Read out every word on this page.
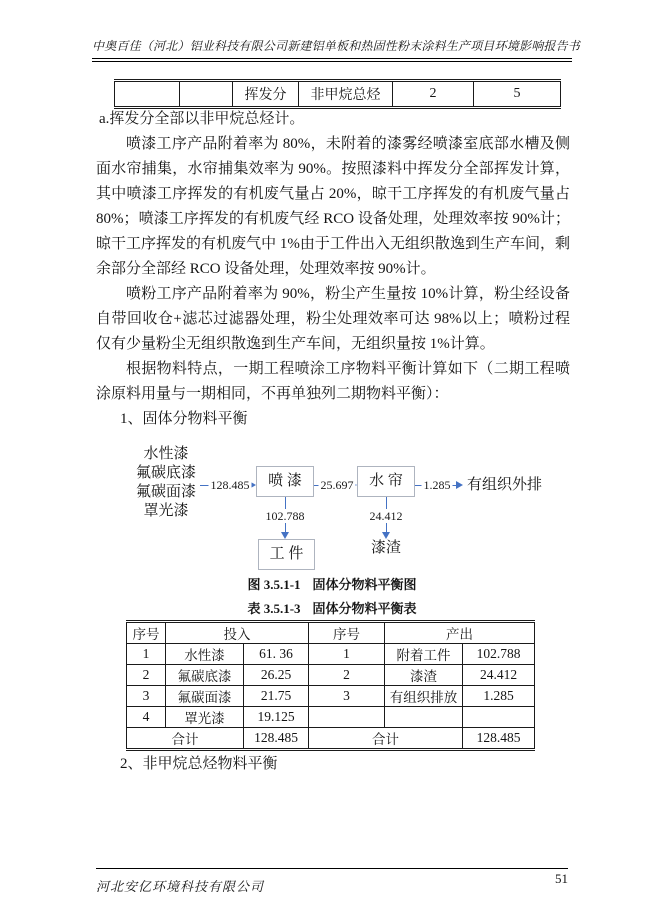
中奥百佳（河北）铝业科技有限公司新建铝单板和热固性粉末涂料生产项目环境影响报告书
		挥发分	非甲烷总烃	2	5

a.挥发分全部以非甲烷总烃计。

喷漆工序产品附着率为 80%，未附着的漆雾经喷漆室底部水槽及侧面水帘捕集，水帘捕集效率为 90%。按照漆料中挥发分全部挥发计算，其中喷漆工序挥发的有机废气量占 20%，晾干工序挥发的有机废气量占 80%；喷漆工序挥发的有机废气经 RCO 设备处理，处理效率按 90%计；晾干工序挥发的有机废气中 1%由于工件出入无组织散逸到生产车间，剩余部分全部经 RCO 设备处理，处理效率按 90%计。

喷粉工序产品附着率为 90%，粉尘产生量按 10%计算，粉尘经设备自带回收仓+滤芯过滤器处理，粉尘处理效率可达 98%以上；喷粉过程仅有少量粉尘无组织散逸到生产车间，无组织量按 1%计算。

根据物料特点，一期工程喷涂工序物料平衡计算如下（二期工程喷涂原料用量与一期相同，不再单独列二期物料平衡）：

1、固体分物料平衡

水性漆
氟碳底漆
氟碳面漆
罩光漆
128.485	喷 漆	25.697	水 帘	1.285 有组织外排
102.788
工 件
24.412
漆渣
图 3.5.1-1 固体分物料平衡图
表 3.5.1-3 固体分物料平衡表
序号	投入		序号	产出	
1	水性漆	61. 36	1	附着工件	102.788
2	氟碳底漆	26.25	2	漆渣	24.412
3	氟碳面漆	21.75	3	有组织排放	1.285
4	罩光漆	19.125			
合计		128.485	合计		128.485

2、非甲烷总烃物料平衡

河北安亿环境科技有限公司
51
